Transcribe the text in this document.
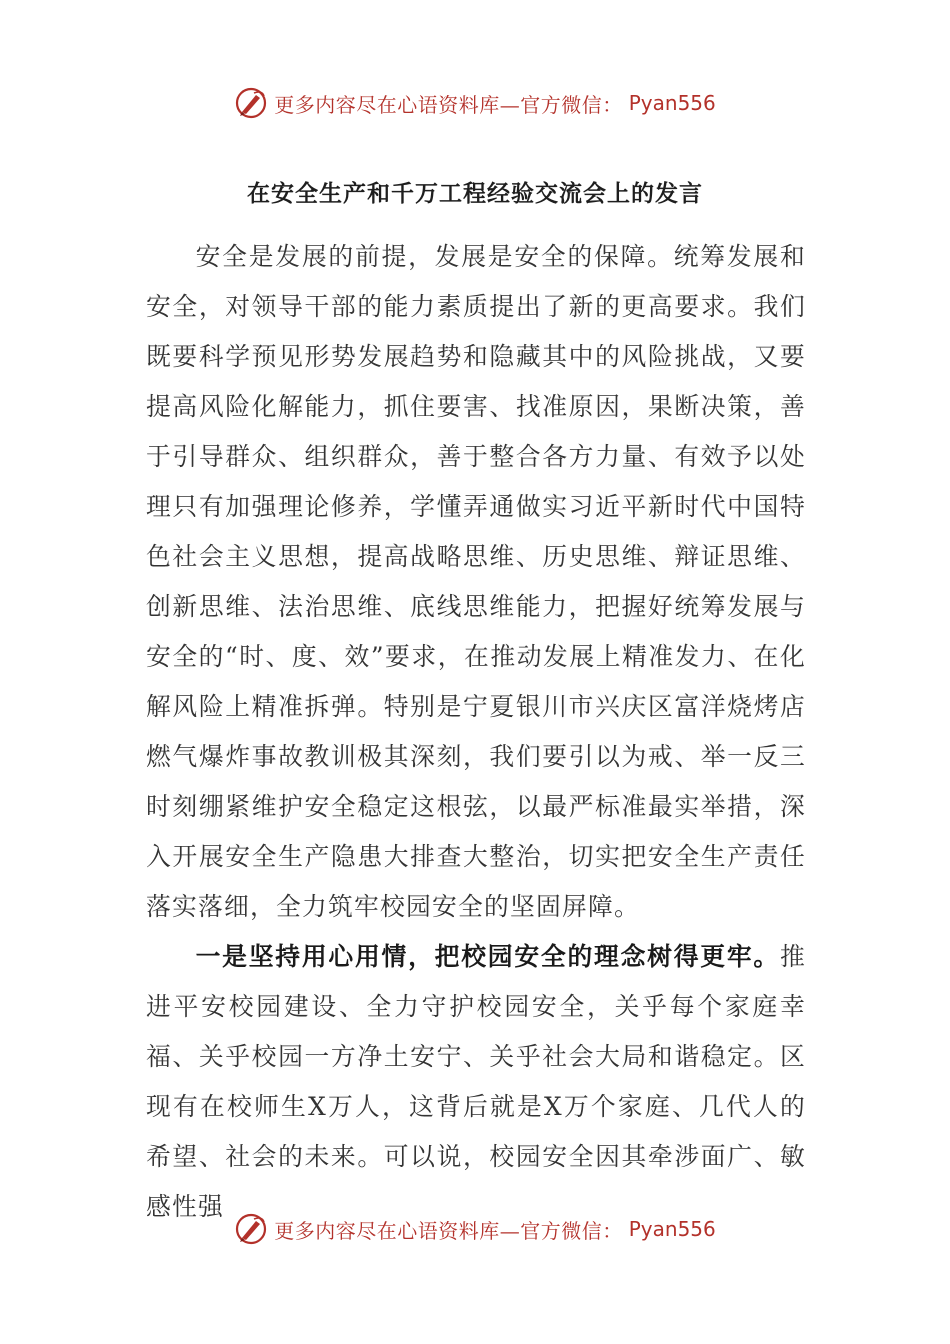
更多内容尽在心语资料库—官方微信： Pyan556
在安全生产和千万工程经验交流会上的发言

安全是发展的前提，发展是安全的保障。统筹发展和安全，对领导干部的能力素质提出了新的更高要求。我们既要科学预见形势发展趋势和隐藏其中的风险挑战，又要提高风险化解能力，抓住要害、找准原因，果断决策，善于引导群众、组织群众，善于整合各方力量、有效予以处理只有加强理论修养，学懂弄通做实习近平新时代中国特色社会主义思想，提高战略思维、历史思维、辩证思维、创新思维、法治思维、底线思维能力，把握好统筹发展与安全的“时、度、效”要求，在推动发展上精准发力、在化解风险上精准拆弹。特别是宁夏银川市兴庆区富洋烧烤店燃气爆炸事故教训极其深刻，我们要引以为戒、举一反三时刻绷紧维护安全稳定这根弦，以最严标准最实举措，深入开展安全生产隐患大排查大整治，切实把安全生产责任落实落细，全力筑牢校园安全的坚固屏障。

一是坚持用心用情，把校园安全的理念树得更牢。推进平安校园建设、全力守护校园安全，关乎每个家庭幸福、关乎校园一方净土安宁、关乎社会大局和谐稳定。区现有在校师生X万人，这背后就是X万个家庭、几代人的希望、社会的未来。可以说，校园安全因其牵涉面广、敏感性强

更多内容尽在心语资料库—官方微信： Pyan556
